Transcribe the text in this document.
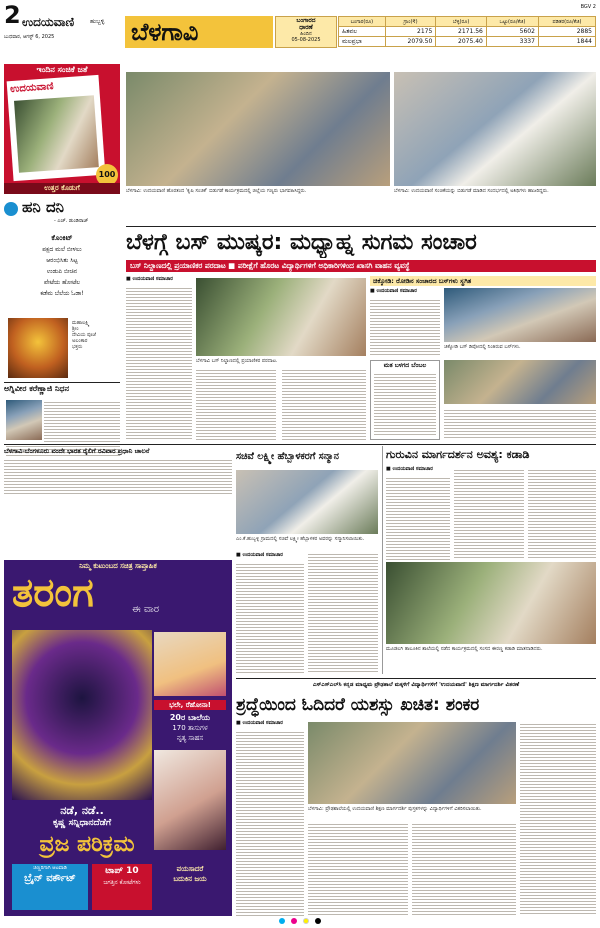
2 ಉದಯವಾಣಿ	ಹುಬ್ಬಳ್ಳಿ
ಬುಧವಾರ, ಆಗಸ್ಟ್ 6, 2025	ಬೆಳಗಾವಿ	ಬಂಗಾರದ
ಧಾರಣೆ
ಹಿಂದಿನ
05-08-2025
ಬಂಗಾರ(ರೂ)	ಗ್ರಾಂ(₹)	ಬೆಳ್ಳಿ(ರೂ)	ಒಟ್ಟು(ರೂ/ಕೆಜಿ)	ಪಡಿತರ(ರೂ/ಕೆಜಿ)
ಹಿತವಲ	2175	2171.56	5602	2885
ಮಲಪ್ರಭಾ	2079.50	2075.40	3337	1844
BGV 2
ಇಂದಿನ ಸಂಚಿಕೆ ಜತೆ
ಉದಯವಾಣಿ
100
ಉತ್ತರ ಕೊಡುಗೆ
ಹನಿ ದನಿ
- ಎಚ್. ಡುಂಡಿರಾಜ್
ಕೊಂಕಿಟ್
ಪಕ್ಷದ ಮಲೆ ಬೀಳಲು
ಆರಂಭಿಸಿತು ಸಿಟ್ಟ
ಉಡುಪಿ ಬೀಚಿನ
ಪೇಟೆಯ ಹೋಟೆಲ
ಕಡೆಮ ಬೆಲೆಯ ಓಡಾ!
ಮಹಾಲಕ್ಷ್ಮಿ
ಶ್ರೀಂ
ದೇವಿಯ ಪೂಜೆ
ಅಲಂಕಾರ
ಭಕ್ತರು
ಅಗ್ನಿವೀರ ಕರೆಣ್ಣಾಜಿ ನಿಧನ
ಬೆಳಗಾವಿ: ಉದಯವಾಣಿ ಹೊರತಂದ 'ಕೃಷಿ ಸಂಚಿಕೆ' ಬಿಡುಗಡೆ ಕಾರ್ಯಕ್ರಮದಲ್ಲಿ ಜಿಲ್ಲೆಯ ಗಣ್ಯರು ಭಾಗವಹಿಸಿದ್ದರು.	ಬೆಳಗಾವಿ: ಉದಯವಾಣಿ ಸಂಚಿಕೆಯನ್ನು ಬಿಡುಗಡೆ ಮಾಡಿದ ಸಂದರ್ಭದಲ್ಲಿ ಅತಿಥಿಗಳು ಹಾಜರಿದ್ದರು.
ಬೆಳಗ್ಗೆ ಬಸ್ ಮುಷ್ಕರ: ಮಧ್ಯಾಹ್ನ ಸುಗಮ ಸಂಚಾರ
ಬಸ್ ನಿಲ್ದಾಣದಲ್ಲಿ ಪ್ರಯಾಣಿಕರ ಪರದಾಟ ■ ಪರೀಕ್ಷೆಗೆ ಹೊರಟ ವಿದ್ಯಾರ್ಥಿಗಳಿಗೆ ಅಧಿಕಾರಿಗಳಿಂದ ಖಾಸಗಿ ವಾಹನ ವ್ಯವಸ್ಥೆ
■ ಉದಯವಾಣಿ ಸಮಾಚಾರ
ಬೆಳಗಾವಿ ಬಸ್ ನಿಲ್ದಾಣದಲ್ಲಿ ಪ್ರಯಾಣಿಕರ ಪರದಾಟ.
ಚಿಕ್ಕೋಡಿ: ರೋಡಿನ ಸಂಚಾರದ ಬಸ್‌ಗಳು ಸ್ಥಗಿತ
■ ಉದಯವಾಣಿ ಸಮಾಚಾರ
ಚಿಕ್ಕೋಡಿ ಬಸ್ ಡಿಪೋದಲ್ಲಿ ನಿಂತಿರುವ ಬಸ್‌ಗಳು.
ಮತ ಬಳಗದ ಬೆಂಬಲ
ಬೆಳಗಾವಿ-ಬೆಂಗಳೂರು ವಂದೇ ಭಾರತ ರೈಲಿಗೆ ರವಿವಾರ ಪ್ರಧಾನಿ ಚಾಲನೆ
ನಿಮ್ಮ ಕುಟುಂಬದ ಸಚಿತ್ರ ಸಾಪ್ತಾಹಿಕ
ತರಂಗ	ಈ ವಾರ
ಭಲೇ, ರೆಹೋನಾ!
20ರ ಬಾಲೆಯ
170 ತಾಸುಗಳ
ನೃತ್ಯ ಸಾಹಸ
ನಡೆ, ನಡೆ..
ಕೃಷ್ಣ ಸನ್ನಿಧಾನದೆಡೆಗೆ
ವ್ರಜ ಪರಿಕ್ರಮ
ಚಿಣ್ಣರಿಗಾಗಿ ಆಟವಾಡಿ
ಬ್ರೈನ್ ವರ್ಕೌಟ್
ಟಾಪ್ 10
ಜಗತ್ತಿನ ಕೋಟೆಗಳು
ವಯಸಾದರೆ
ಬದುಕಿನ ಜಯ
ಸಚಿವೆ ಲಕ್ಷ್ಮೀ ಹೆಬ್ಬಾಳಕರಗೆ ಸನ್ಮಾನ
ಎಂ.ಕೆ.ಹುಬ್ಬಳ್ಳಿ ಗ್ರಾಮದಲ್ಲಿ ಸಚಿವೆ ಲಕ್ಷ್ಮೀ ಹೆಬ್ಬಾಳಕರ ಅವರನ್ನು ಸನ್ಮಾನಿಸಲಾಯಿತು.
■ ಉದಯವಾಣಿ ಸಮಾಚಾರ
ಗುರುವಿನ ಮಾರ್ಗದರ್ಶನ ಅವಶ್ಯ: ಕಡಾಡಿ
■ ಉದಯವಾಣಿ ಸಮಾಚಾರ
ಮೂಡಲಗಿ ತಾಲೂಕಿನ ಶಾಲೆಯಲ್ಲಿ ನಡೆದ ಕಾರ್ಯಕ್ರಮದಲ್ಲಿ ಸಂಸದ ಈರಣ್ಣ ಕಡಾಡಿ ಮಾತನಾಡಿದರು.
ಎಸ್ಎಸ್‌ಎಲ್‌ಸಿ ಕನ್ನಡ ಮಾಧ್ಯಮ ಪ್ರೌಢಶಾಲೆ ಮಕ್ಕಳಿಗೆ ವಿದ್ಯಾರ್ಥಿಗಳಿಗೆ 'ಉದಯವಾಣಿ' ಶಿಕ್ಷಣ ಮಾರ್ಗದರ್ಶಿ ವಿತರಣೆ
ಶ್ರದ್ಧೆಯಿಂದ ಓದಿದರೆ ಯಶಸ್ಸು ಖಚಿತ: ಶಂಕರ
■ ಉದಯವಾಣಿ ಸಮಾಚಾರ
ಬೆಳಗಾವಿ: ಪ್ರೌಢಶಾಲೆಯಲ್ಲಿ ಉದಯವಾಣಿ ಶಿಕ್ಷಣ ಮಾರ್ಗದರ್ಶಿ ಪುಸ್ತಕಗಳನ್ನು ವಿದ್ಯಾರ್ಥಿಗಳಿಗೆ ವಿತರಿಸಲಾಯಿತು.
